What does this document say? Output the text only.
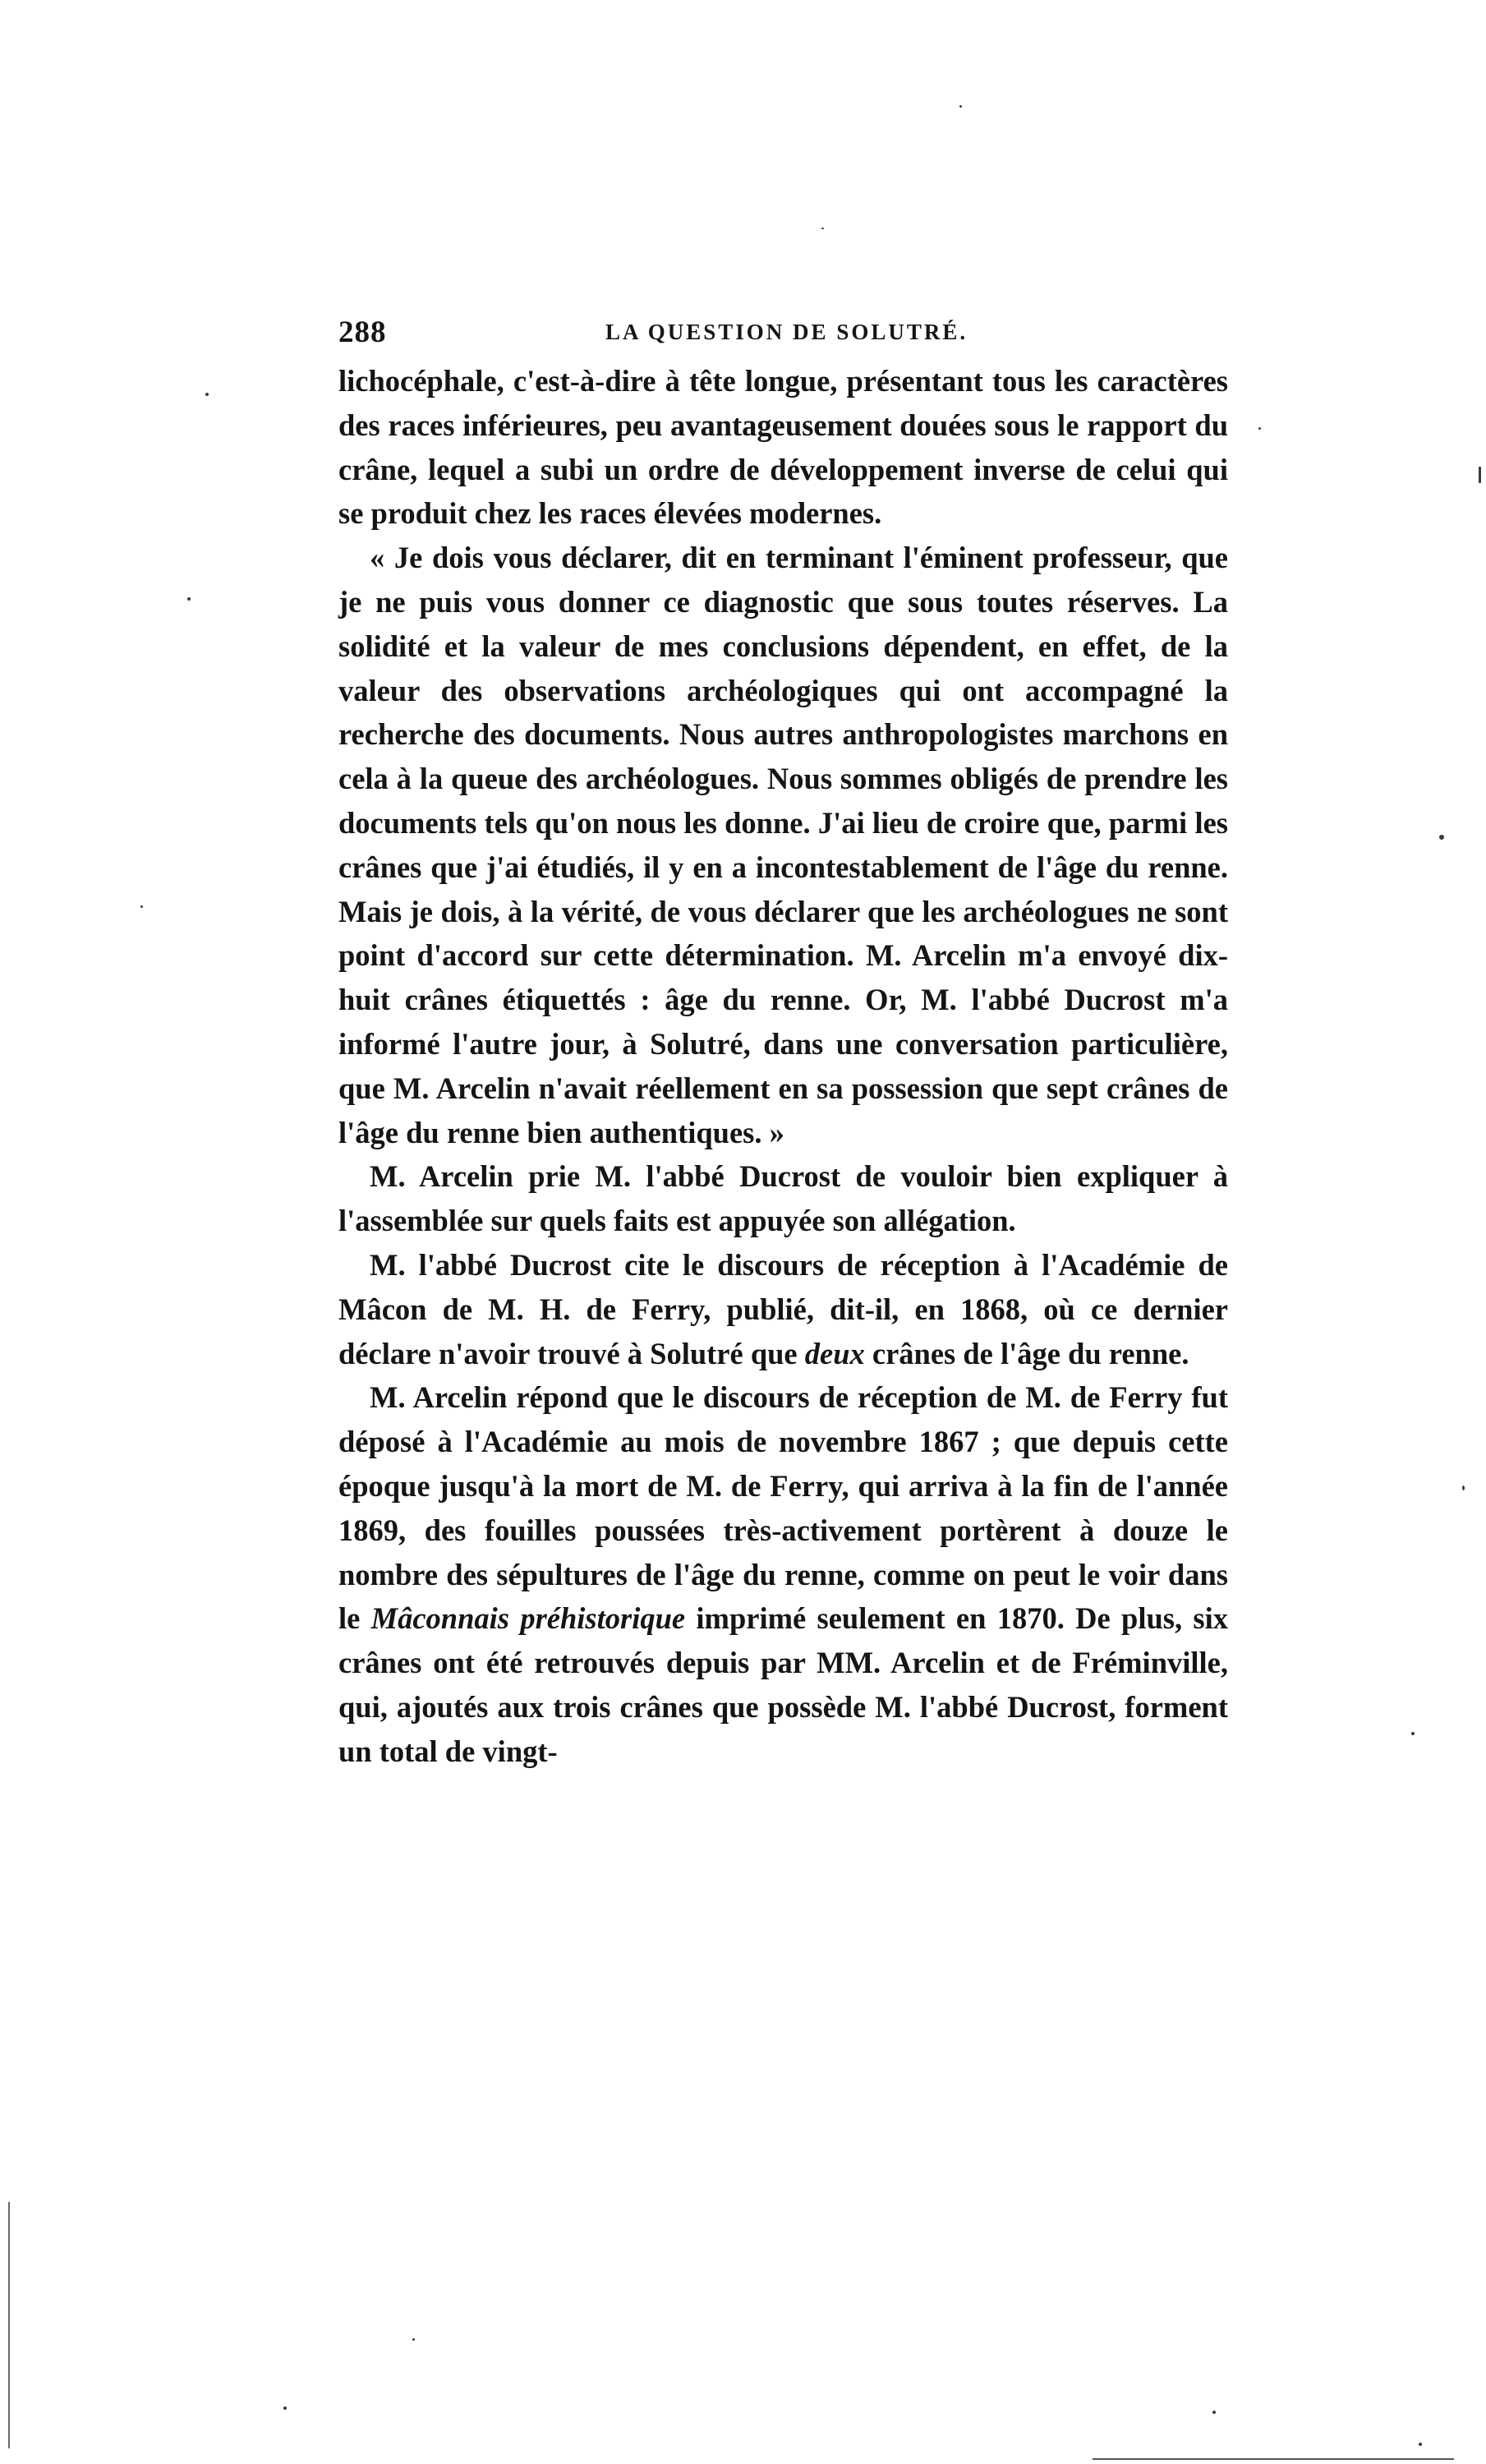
288	LA QUESTION DE SOLUTRÉ.

lichocéphale, c'est-à-dire à tête longue, présentant tous les caractères des races inférieures, peu avantageusement douées sous le rapport du crâne, lequel a subi un ordre de développement inverse de celui qui se produit chez les races élevées modernes.

« Je dois vous déclarer, dit en terminant l'éminent professeur, que je ne puis vous donner ce diagnostic que sous toutes réserves. La solidité et la valeur de mes conclusions dépendent, en effet, de la valeur des observations archéologiques qui ont accompagné la recherche des documents. Nous autres anthropologistes marchons en cela à la queue des archéologues. Nous sommes obligés de prendre les documents tels qu'on nous les donne. J'ai lieu de croire que, parmi les crânes que j'ai étudiés, il y en a incontestablement de l'âge du renne. Mais je dois, à la vérité, de vous déclarer que les archéologues ne sont point d'accord sur cette détermination. M. Arcelin m'a envoyé dix-huit crânes étiquettés : âge du renne. Or, M. l'abbé Ducrost m'a informé l'autre jour, à Solutré, dans une conversation particulière, que M. Arcelin n'avait réellement en sa possession que sept crânes de l'âge du renne bien authentiques. »

M. Arcelin prie M. l'abbé Ducrost de vouloir bien expliquer à l'assemblée sur quels faits est appuyée son allégation.

M. l'abbé Ducrost cite le discours de réception à l'Académie de Mâcon de M. H. de Ferry, publié, dit-il, en 1868, où ce dernier déclare n'avoir trouvé à Solutré que deux crânes de l'âge du renne.

M. Arcelin répond que le discours de réception de M. de Ferry fut déposé à l'Académie au mois de novembre 1867 ; que depuis cette époque jusqu'à la mort de M. de Ferry, qui arriva à la fin de l'année 1869, des fouilles poussées très-activement portèrent à douze le nombre des sépultures de l'âge du renne, comme on peut le voir dans le Mâconnais préhistorique imprimé seulement en 1870. De plus, six crânes ont été retrouvés depuis par MM. Arcelin et de Fréminville, qui, ajoutés aux trois crânes que possède M. l'abbé Ducrost, forment un total de vingt-
